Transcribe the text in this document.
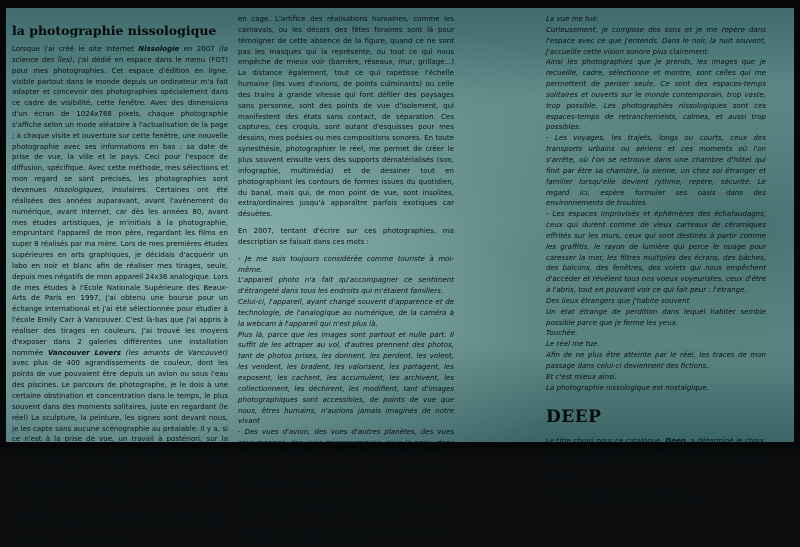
la photographie nissologique

Lorsque j'ai créé le site Internet Nissologie en 2007 (la science des îles), j'ai dédié en espace dans le menu (FOT) pour mes photographies. Cet espace d'édition en ligne, visible partout dans le monde depuis un ordinateur m'a fait adapter et concevoir des photographies spécialement dans ce cadre de visibilité, cette fenêtre. Avec des dimensions d'un écran de 1024x768 pixels, chaque photographie s'affiche selon un mode aléatoire à l'actualisation de la page ; à chaque visite et ouverture sur cette fenêtre, une nouvelle photographie avec ses informations en bas : sa date de prise de vue, la ville et le pays. Ceci pour l'espace de diffusion, spécifique. Avec cette méthode, mes sélections et mon regard se sont précisés, les photographies sont devenues nissologiques, insulaires. Certaines ont été réalisées des années auparavant, avant l'avènement du numérique, avant Internet, car dès les années 80, avant mes études artistiques, je m'initiais à la photographie, empruntant l'appareil de mon père, regardant les films en super 8 réalisés par ma mère. Lors de mes premières études supérieures en arts graphiques, je décidais d'acquérir un labo en noir et blanc afin de réaliser mes tirages, seule, depuis mes négatifs de mon appareil 24x36 analogique. Lors de mes études à l'École Nationale Supérieure des Beaux-Arts de Paris en 1997, j'ai obtenu une bourse pour un échange international et j'ai été sélectionnée pour étudier à l'école Emily Carr à Vancouver. C'est là-bas que j'ai appris à réaliser des tirages en couleurs. J'ai trouvé les moyens d'exposer dans 2 galeries différentes une installation nommée Vancouver Lovers (les amants de Vancouver) avec plus de 400 agrandissements de couleur, dont les points de vue pouvaient être depuis un avion ou sous l'eau des piscines. Le parcours de photographe, je le dois à une certaine obstination et concentration dans le temps, le plus souvent dans des moments solitaires, juste en regardant (le réel) La sculpture, la peinture, les signes sont devant nous, je les capte sans aucune scénographie au préalable. Il y a, si ce n'est à la prise de vue, un travail à postériori, sur la couleur et les contrastes. C'est une restitution émotionnelle des conditions de captation d'une scène offerte, éminemment visible, accessible, mêlée au regard intérieur du photographe sans aucune clarté ni évidence. Cette tension, ce contraste entre ce que l'on voit et ce qu'apporte la photographie de plus intériorisé, profond, est ce que je recherche. Dans les photographies nissologiques, l'être humain a déserté le cadre, les paysages. L'animalité reflète l'humanité, souvent approvisoise, ou

en cage. L'artifice des réalisations humaines, comme les carnavals, ou les décors des fêtes foraines sont là pour témoigner de cette absence de la figure, quand ce ne sont pas les masques qui la représente, ou tout ce qui nous empêche de mieux voir (barrière, réseaux, mur, grillage...) La distance également, tout ce qui rapetisse l'échelle humaine (les vues d'avions, de points culminants) ou celle des trains à grande vitesse qui font défiler des paysages sans personne, sont des points de vue d'isolement, qui manifestent des états sans contact, de séparation. Ces captures, ces croquis, sont autant d'esquisses pour mes dessins, mes poésies ou mes compositions sonores. En toute synesthésie, photographier le réel, me permet de créer le plus souvent ensuite vers des supports dématérialisés (son, infographie, multimédia) et de dessiner tout en photographiant les contours de formes issues du quotidien, du banal, mais qui, de mon point de vue, sont insolites, extra/ordinaires jusqu'à apparaître parfois exotiques car désuètes.

En 2007, tentant d'écrire sur ces photographies, ma description se faisait dans ces mots :

- Je me suis toujours considérée comme touriste à moi-même.

L'appareil photo n'a fait qu'accompagner ce sentiment d'étrangeté dans tous les endroits qui m'étaient familiers.

Celui-ci, l'appareil, ayant changé souvent d'apparence et de technologie, de l'analogique au numérique, de la caméra à la webcam à l'appareil qui n'est plus là.

Plus là, parce que les images sont partout et nulle part. Il suffit de les attraper au vol, d'autres prennent des photos, tant de photos prises, les donnent, les perdent, les volent, les vendent, les bradent, les valorisent, les partagent, les exposent, les cachent, les accumulent, les archivent, les collectionnent, les déchirent, les modifient, tant d'images photographiques sont accessibles, de points de vue que nous, êtres humains, n'aurions jamais imaginés de notre vivant

- Des vues d'avion, des vues d'autres planètes, des vues sous-marines, des vues microscopiques, sous la peau, dans les pierres précieuses et des vues imaginaires dans des montages photographiques, des collages médiatiques et des horreurs.

Que d'images, que de polysémies !

Que de polémiques intellectuelles sur leurs statuts !

Mon regard est polyphonique et pourtant unique. Si mes yeux étaient des appareils photographiques, ce qu'ils deviennent, je ne pourrais les fermer souvent. Oublier ce que je vois et dormir profondément.

La vue me tue.

Curieusement, je compose des sons et je me repère dans l'espace avec ce que j'entends. Dans le noir, la nuit souvent, j'accueille cette vision sonore plus clairement.

Ainsi les photographies que je prends, les images que je recueille, cadre, sélectionne et montre, sont celles qui me permettent de penser seule. Ce sont des espaces-temps solitaires et ouverts sur le monde contemporain, trop vaste, trop possible. Les photographies nissologiques sont ces espaces-temps de retranchements, calmes, et aussi trop possibles.

- Les voyages, les trajets, longs ou courts, ceux des transports urbains ou aériens et ces moments où l'on s'arrête, où l'on se retrouve dans une chambre d'hôtel qui finit par être sa chambre, la sienne, un chez soi étranger et familier lorsqu'elle devient rythme, repère, sécurité. Le regard ici, espère formuler ses oasis dans des environnements de troubles.

- Les espaces improvisés et éphémères des échafaudages, ceux qui durent comme de vieux carreaux de céramiques effrités sur les murs, ceux qui sont destinés à partir comme les graffitis, le rayon de lumière qui perce le nuage pour caresser la mer, les filtres multiples des écrans, des bâches, des balcons, des fenêtres, des volets qui nous empêchent d'accéder et révèlent tous nos voeux voyeuristes, ceux d'être à l'abris, tout en pouvant voir ce qui fait peur : l'étrange.

Des lieux étrangers que j'habite souvent.

Un état étrange de perdition dans lequel habiter semble possible parce que je ferme les yeux.

Touchée.

Le réel me tue.

Afin de ne plus être atteinte par le réel, les traces de mon passage dans celui-ci deviennent des fictions.

Et c'est mieux ainsi.

La photographie nissologique est nostalgique.

DEEP

Le titre choisi pour ce catalogue, Deep, a déterminé le choix, parmi les photographies nissologiques recomposées pour les éditions Isolarii. D'autres catalogues en sont issus (Jungle, Bonjour...)

Crédits (Photographies, textes, design)

© Sonia Marques - Tous droits réservés - 2011
